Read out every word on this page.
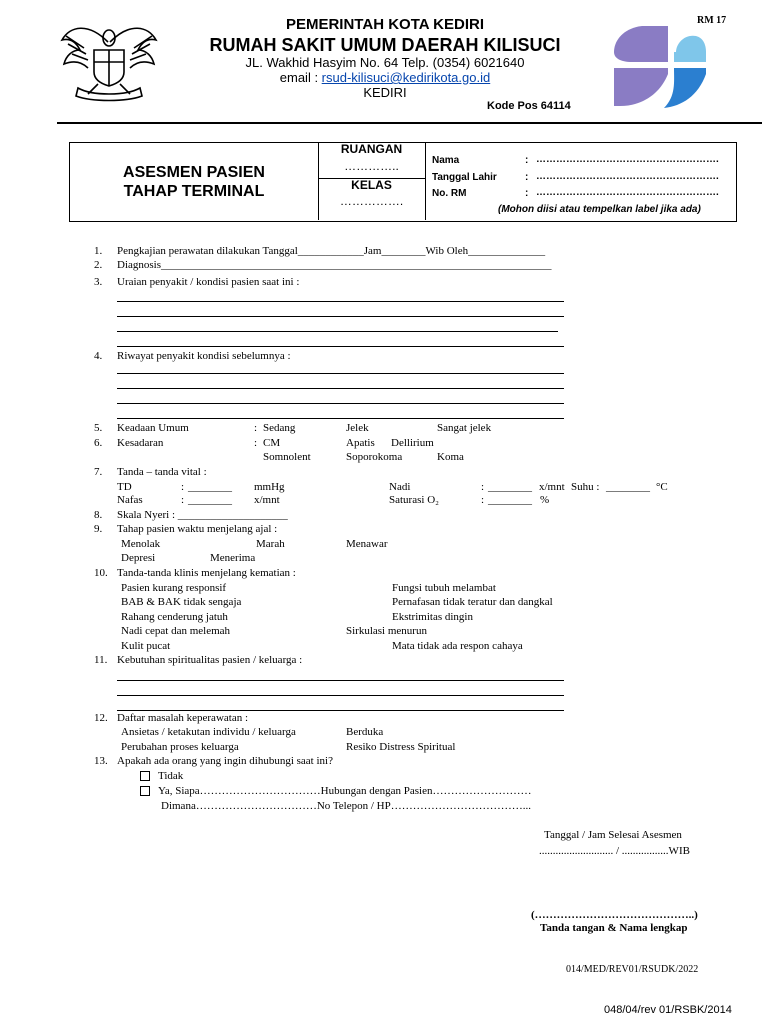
RM 17
PEMERINTAH KOTA KEDIRI
RUMAH SAKIT UMUM DAERAH KILISUCI
JL. Wakhid Hasyim No. 64 Telp. (0354) 6021640
email : rsud-kilisuci@kedirikota.go.id
KEDIRI
Kode Pos 64114
ASESMEN PASIEN
TAHAP TERMINAL
RUANGAN
…………..
KELAS
…………….
Nama	: ……………………………………………….
Tanggal Lahir	: ……………………………………………….
No. RM	: ……………………………………………….
(Mohon diisi atau tempelkan label jika ada)
1. Pengkajian perawatan dilakukan Tanggal____________Jam________Wib Oleh______________
2. Diagnosis_______________________________________________________________________
3. Uraian penyakit / kondisi pasien saat ini :
4. Riwayat penyakit kondisi sebelumnya :
5. Keadaan Umum	: Sedang	Jelek	Sangat jelek
6. Kesadaran	: CM	Apatis Dellirium
Somnolent	Soporokoma	Koma
7. Tanda – tanda vital :
TD	: ________ mmHg	Nadi	: ________ x/mnt Suhu : ________ °C
Nafas	: ________ x/mnt	Saturasi O₂	: ________ %
8. Skala Nyeri : ____________________
9. Tahap pasien waktu menjelang ajal :
Menolak	Marah	Menawar
Depresi	Menerima
10. Tanda-tanda klinis menjelang kematian :
Pasien kurang responsif	Fungsi tubuh melambat
BAB & BAK tidak sengaja	Pernafasan tidak teratur dan dangkal
Rahang cenderung jatuh	Ekstrimitas dingin
Nadi cepat dan melemah	Sirkulasi menurun
Kulit pucat	Mata tidak ada respon cahaya
11. Kebutuhan spiritualitas pasien / keluarga :
12. Daftar masalah keperawatan :
Ansietas / ketakutan individu / keluarga	Berduka
Perubahan proses keluarga	Resiko Distress Spiritual
13. Apakah ada orang yang ingin dihubungi saat ini?
Tidak
Ya, Siapa……………………………Hubungan dengan Pasien………………………
Dimana……………………………No Telepon / HP………………………………...
Tanggal / Jam Selesai Asesmen
........................... / .................WIB
(……………………………………..)
Tanda tangan & Nama lengkap
014/MED/REV01/RSUDK/2022
048/04/rev 01/RSBK/2014
